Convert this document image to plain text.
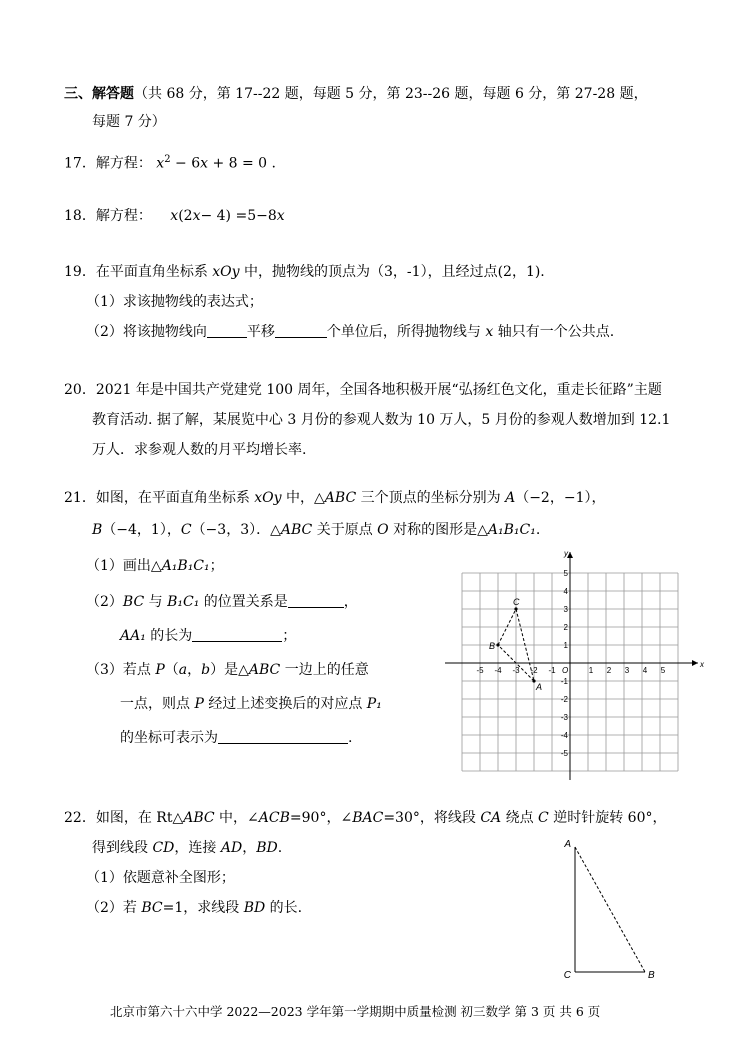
三、解答题（共 68 分，第 17--22 题，每题 5 分，第 23--26 题，每题 6 分，第 27-28 题，
每题 7 分）
17．解方程： $x^2 - 6x + 8 = 0$ .
18．解方程： x(2x− 4) =5−8x
19．在平面直角坐标系 xOy 中，抛物线的顶点为（3，-1），且经过点(2，1).
（1）求该抛物线的表达式；
（2）将该抛物线向	平移	个单位后，所得抛物线与 x 轴只有一个公共点.
20．2021 年是中国共产党建党 100 周年，全国各地积极开展“弘扬红色文化，重走长征路”主题
教育活动. 据了解，某展览中心 3 月份的参观人数为 10 万人，5 月份的参观人数增加到 12.1
万人．求参观人数的月平均增长率.
21．如图，在平面直角坐标系 xOy 中，△ABC 三个顶点的坐标分别为 A（−2，−1），
B（−4，1），C（−3，3）．△ABC 关于原点 O 对称的图形是△A₁B₁C₁.
（1）画出△A₁B₁C₁；
（2）BC 与 B₁C₁ 的位置关系是	，
AA₁ 的长为	；
（3）若点 P（a，b）是△ABC 一边上的任意
一点，则点 P 经过上述变换后的对应点 P₁
的坐标可表示为	.
x
y
O
-5 -4 -3 -2 -1	1 2 3 4 5
5
4
3
2
1
-1
-2
-3
-4
-5
A
B
C
22．如图，在 Rt△ABC 中，∠ACB=90°，∠BAC=30°，将线段 CA 绕点 C 逆时针旋转 60°，
得到线段 CD，连接 AD，BD.
（1）依题意补全图形；
（2）若 BC=1，求线段 BD 的长.
A
C	B
北京市第六十六中学 2022—2023 学年第一学期期中质量检测 初三数学 第 3 页 共 6 页
